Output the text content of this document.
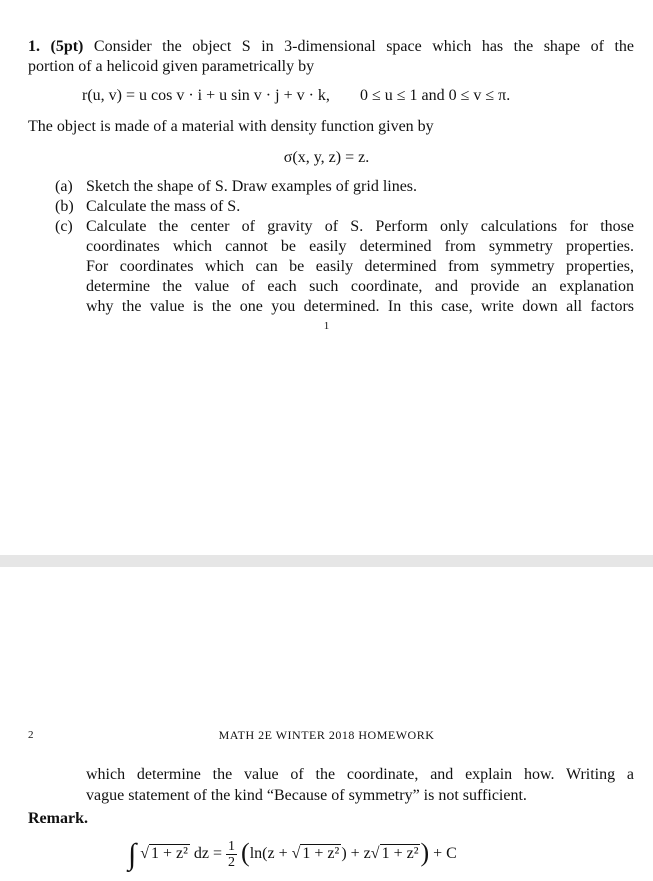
1. (5pt) Consider the object S in 3-dimensional space which has the shape of the
portion of a helicoid given parametrically by
r(u, v) = u cos v · i + u sin v · j + v · k, 0 ≤ u ≤ 1 and 0 ≤ v ≤ π.
The object is made of a material with density function given by
σ(x, y, z) = z.
(a) Sketch the shape of S. Draw examples of grid lines.
(b) Calculate the mass of S.
(c) Calculate the center of gravity of S. Perform only calculations for those
coordinates which cannot be easily determined from symmetry properties.
For coordinates which can be easily determined from symmetry properties,
determine the value of each such coordinate, and provide an explanation
why the value is the one you determined. In this case, write down all factors
1
2	MATH 2E WINTER 2018 HOMEWORK
which determine the value of the coordinate, and explain how. Writing a
vague statement of the kind “Because of symmetry” is not sufficient.
Remark.
∫ √ 1 + z² dz = $\frac{1}{2} (\ln(z$ + √ 1 + z² ) + z√ 1 + z²) + C
